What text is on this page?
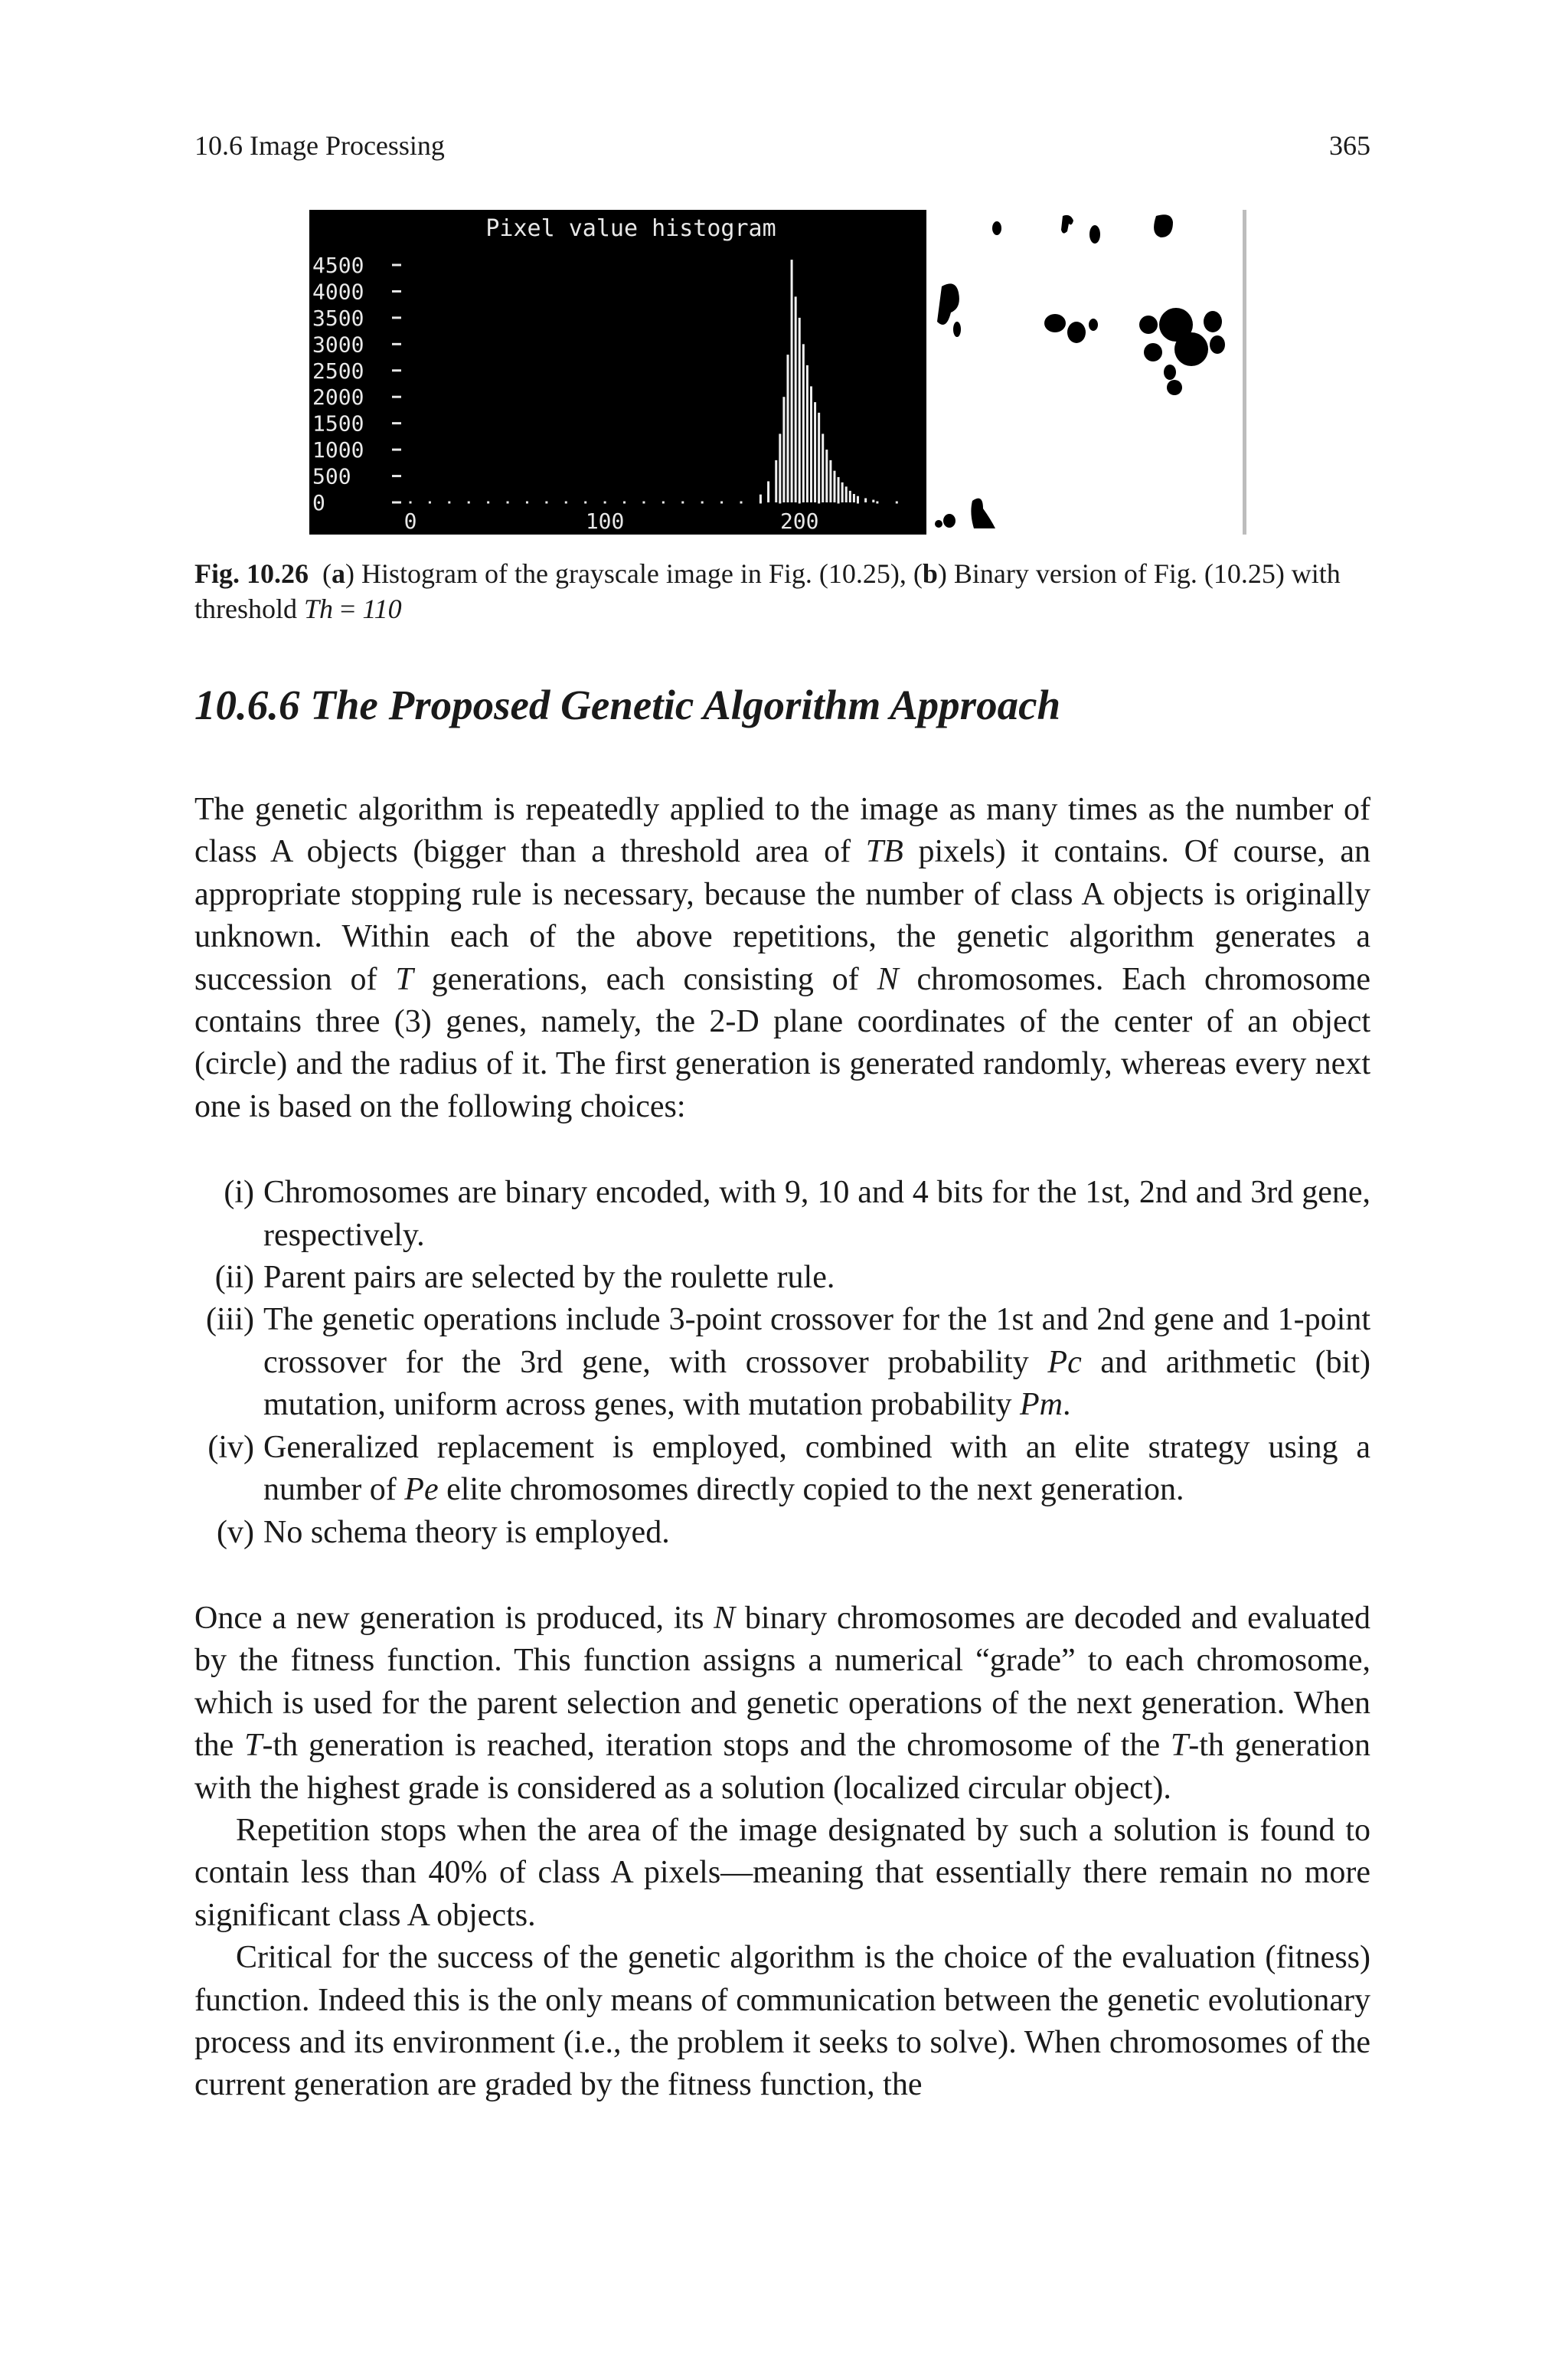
10.6 Image Processing	365
Pixel value histogram
0
500
1000
1500
2000
2500
3000
3500
4000
4500
0	100	200
Fig. 10.26  (a) Histogram of the grayscale image in Fig. (10.25), (b) Binary version of Fig. (10.25) with threshold Th = 110
10.6.6 The Proposed Genetic Algorithm Approach

The genetic algorithm is repeatedly applied to the image as many times as the number of class A objects (bigger than a threshold area of TB pixels) it contains. Of course, an appropriate stopping rule is necessary, because the number of class A objects is originally unknown. Within each of the above repetitions, the genetic algorithm generates a succession of T generations, each consisting of N chromosomes. Each chromosome contains three (3) genes, namely, the 2-D plane coordinates of the center of an object (circle) and the radius of it. The first generation is generated randomly, whereas every next one is based on the following choices:

(i) Chromosomes are binary encoded, with 9, 10 and 4 bits for the 1st, 2nd and 3rd gene, respectively.
(ii) Parent pairs are selected by the roulette rule.
(iii) The genetic operations include 3-point crossover for the 1st and 2nd gene and 1-point crossover for the 3rd gene, with crossover probability Pc and arithmetic (bit) mutation, uniform across genes, with mutation probability Pm.
(iv) Generalized replacement is employed, combined with an elite strategy using a number of Pe elite chromosomes directly copied to the next generation.
(v) No schema theory is employed.

Once a new generation is produced, its N binary chromosomes are decoded and evaluated by the fitness function. This function assigns a numerical “grade” to each chromosome, which is used for the parent selection and genetic operations of the next generation. When the T-th generation is reached, iteration stops and the chromosome of the T-th generation with the highest grade is considered as a solution (localized circular object).

Repetition stops when the area of the image designated by such a solution is found to contain less than 40% of class A pixels—meaning that essentially there remain no more significant class A objects.

Critical for the success of the genetic algorithm is the choice of the evaluation (fitness) function. Indeed this is the only means of communication between the genetic evolutionary process and its environment (i.e., the problem it seeks to solve). When chromosomes of the current generation are graded by the fitness function, the
